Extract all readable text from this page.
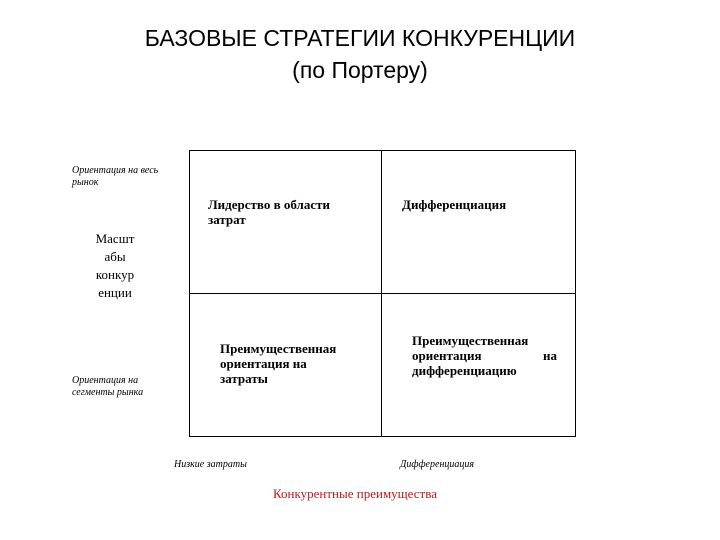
БАЗОВЫЕ СТРАТЕГИИ КОНКУРЕНЦИИ
(по Портеру)
Лидерство в области затрат
Дифференциация
Преимущественная ориентация на затраты
Преимущественная ориентация на дифференциацию
Ориентация на весь рынок
Масшт
абы
конкур
енции
Ориентация на сегменты рынка
Низкие затраты	Дифференциация
Конкурентные преимущества
